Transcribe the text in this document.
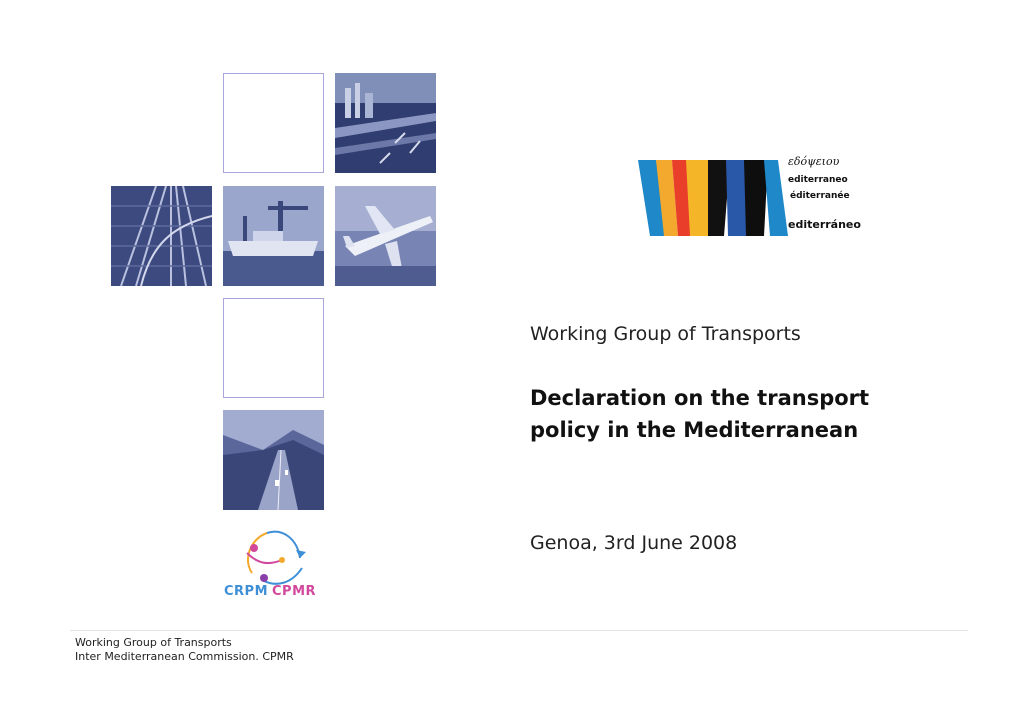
εδόψειου
editerraneo
éditerranée
editerráneo
Working Group of Transports
Declaration on the transport
policy in the Mediterranean
Genoa, 3rd June 2008
CRPM CPMR
Working Group of Transports
Inter Mediterranean Commission. CPMR
